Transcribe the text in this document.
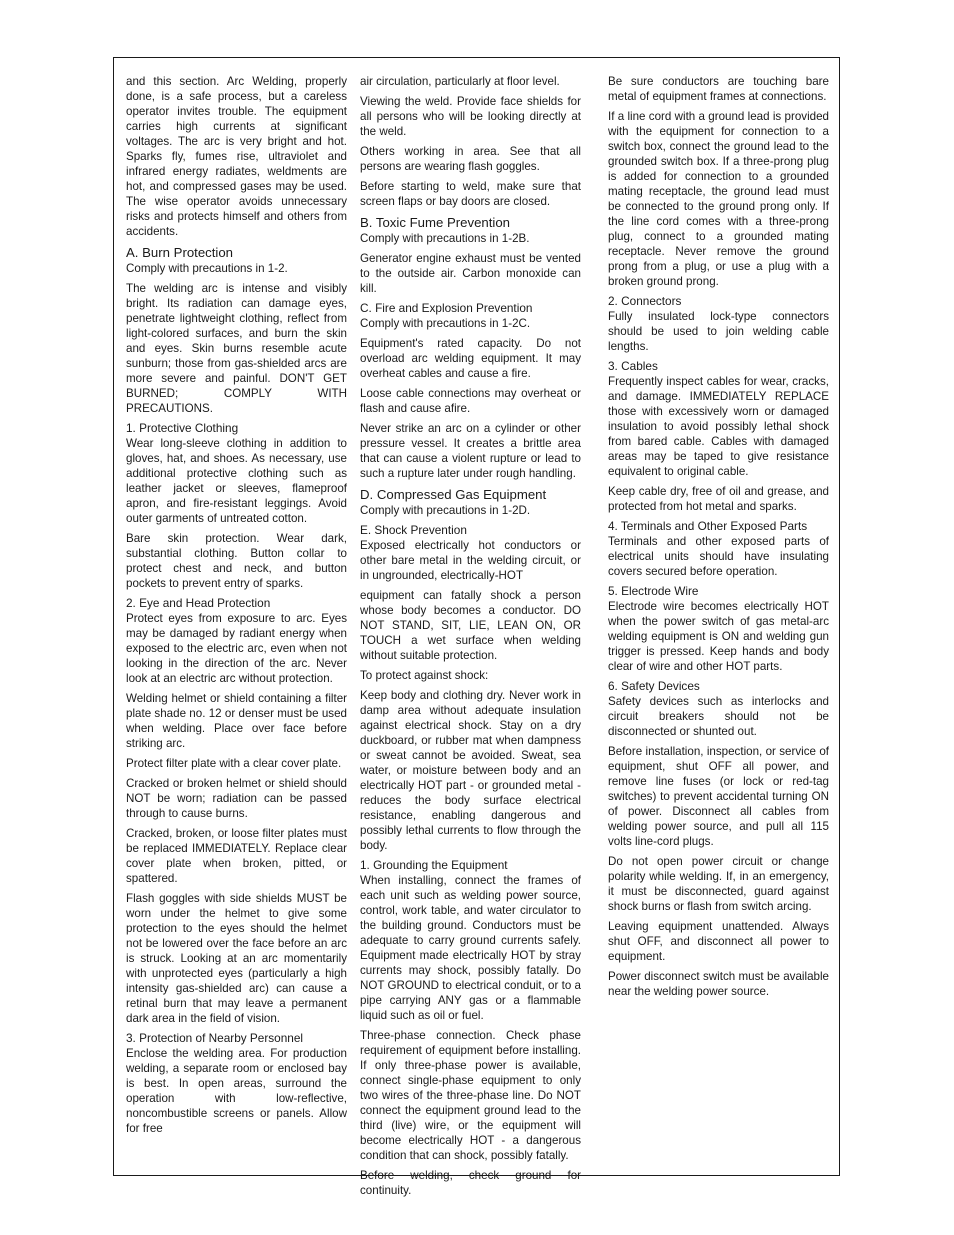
and this section. Arc Welding, properly done, is a safe process, but a careless operator invites trouble. The equipment carries high currents at significant voltages. The arc is very bright and hot. Sparks fly, fumes rise, ultraviolet and infrared energy radiates, weldments are hot, and compressed gases may be used. The wise operator avoids unnecessary risks and protects himself and others from accidents.

A. Burn Protection

Comply with precautions in 1-2.

The welding arc is intense and visibly bright. Its radiation can damage eyes, penetrate lightweight clothing, reflect from light-colored surfaces, and burn the skin and eyes. Skin burns resemble acute sunburn; those from gas-shielded arcs are more severe and painful. DON'T GET BURNED; COMPLY WITH PRECAUTIONS.

1. Protective Clothing

Wear long-sleeve clothing in addition to gloves, hat, and shoes. As necessary, use additional protective clothing such as leather jacket or sleeves, flameproof apron, and fire-resistant leggings. Avoid outer garments of untreated cotton.

Bare skin protection. Wear dark, substantial clothing. Button collar to protect chest and neck, and button pockets to prevent entry of sparks.

2. Eye and Head Protection

Protect eyes from exposure to arc. Eyes may be damaged by radiant energy when exposed to the electric arc, even when not looking in the direction of the arc. Never look at an electric arc without protection.

Welding helmet or shield containing a filter plate shade no. 12 or denser must be used when welding. Place over face before striking arc.

Protect filter plate with a clear cover plate.

Cracked or broken helmet or shield should NOT be worn; radiation can be passed through to cause burns.

Cracked, broken, or loose filter plates must be replaced IMMEDIATELY. Replace clear cover plate when broken, pitted, or spattered.

Flash goggles with side shields MUST be worn under the helmet to give some protection to the eyes should the helmet not be lowered over the face before an arc is struck. Looking at an arc momentarily with unprotected eyes (particularly a high intensity gas-shielded arc) can cause a retinal burn that may leave a permanent dark area in the field of vision.

3. Protection of Nearby Personnel

Enclose the welding area. For production welding, a separate room or enclosed bay is best. In open areas, surround the operation with low-reflective, noncombustible screens or panels. Allow for free

air circulation, particularly at floor level.

Viewing the weld. Provide face shields for all persons who will be looking directly at the weld.

Others working in area. See that all persons are wearing flash goggles.

Before starting to weld, make sure that screen flaps or bay doors are closed.

B. Toxic Fume Prevention

Comply with precautions in 1-2B.

Generator engine exhaust must be vented to the outside air. Carbon monoxide can kill.

C. Fire and Explosion Prevention

Comply with precautions in 1-2C.

Equipment's rated capacity. Do not overload arc welding equipment. It may overheat cables and cause a fire.

Loose cable connections may overheat or flash and cause afire.

Never strike an arc on a cylinder or other pressure vessel. It creates a brittle area that can cause a violent rupture or lead to such a rupture later under rough handling.

D. Compressed Gas Equipment

Comply with precautions in 1-2D.

E. Shock Prevention

Exposed electrically hot conductors or other bare metal in the welding circuit, or in ungrounded, electrically-HOT

equipment can fatally shock a person whose body becomes a conductor. DO NOT STAND, SIT, LIE, LEAN ON, OR TOUCH a wet surface when welding without suitable protection.

To protect against shock:

Keep body and clothing dry. Never work in damp area without adequate insulation against electrical shock. Stay on a dry duckboard, or rubber mat when dampness or sweat cannot be avoided. Sweat, sea water, or moisture between body and an electrically HOT part - or grounded metal - reduces the body surface electrical resistance, enabling dangerous and possibly lethal currents to flow through the body.

1. Grounding the Equipment

When installing, connect the frames of each unit such as welding power source, control, work table, and water circulator to the building ground. Conductors must be adequate to carry ground currents safely. Equipment made electrically HOT by stray currents may shock, possibly fatally. Do NOT GROUND to electrical conduit, or to a pipe carrying ANY gas or a flammable liquid such as oil or fuel.

Three-phase connection. Check phase requirement of equipment before installing. If only three-phase power is available, connect single-phase equipment to only two wires of the three-phase line. Do NOT connect the equipment ground lead to the third (live) wire, or the equipment will become electrically HOT - a dangerous condition that can shock, possibly fatally.

Before welding, check ground for continuity.

Be sure conductors are touching bare metal of equipment frames at connections.

If a line cord with a ground lead is provided with the equipment for connection to a switch box, connect the ground lead to the grounded switch box. If a three-prong plug is added for connection to a grounded mating receptacle, the ground lead must be connected to the ground prong only. If the line cord comes with a three-prong plug, connect to a grounded mating receptacle. Never remove the ground prong from a plug, or use a plug with a broken ground prong.

2. Connectors

Fully insulated lock-type connectors should be used to join welding cable lengths.

3. Cables

Frequently inspect cables for wear, cracks, and damage. IMMEDIATELY REPLACE those with excessively worn or damaged insulation to avoid possibly lethal shock from bared cable. Cables with damaged areas may be taped to give resistance equivalent to original cable.

Keep cable dry, free of oil and grease, and protected from hot metal and sparks.

4. Terminals and Other Exposed Parts

Terminals and other exposed parts of electrical units should have insulating covers secured before operation.

5. Electrode Wire

Electrode wire becomes electrically HOT when the power switch of gas metal-arc welding equipment is ON and welding gun trigger is pressed. Keep hands and body clear of wire and other HOT parts.

6. Safety Devices

Safety devices such as interlocks and circuit breakers should not be disconnected or shunted out.

Before installation, inspection, or service of equipment, shut OFF all power, and remove line fuses (or lock or red-tag switches) to prevent accidental turning ON of power. Disconnect all cables from welding power source, and pull all 115 volts line-cord plugs.

Do not open power circuit or change polarity while welding. If, in an emergency, it must be disconnected, guard against shock burns or flash from switch arcing.

Leaving equipment unattended. Always shut OFF, and disconnect all power to equipment.

Power disconnect switch must be available near the welding power source.
